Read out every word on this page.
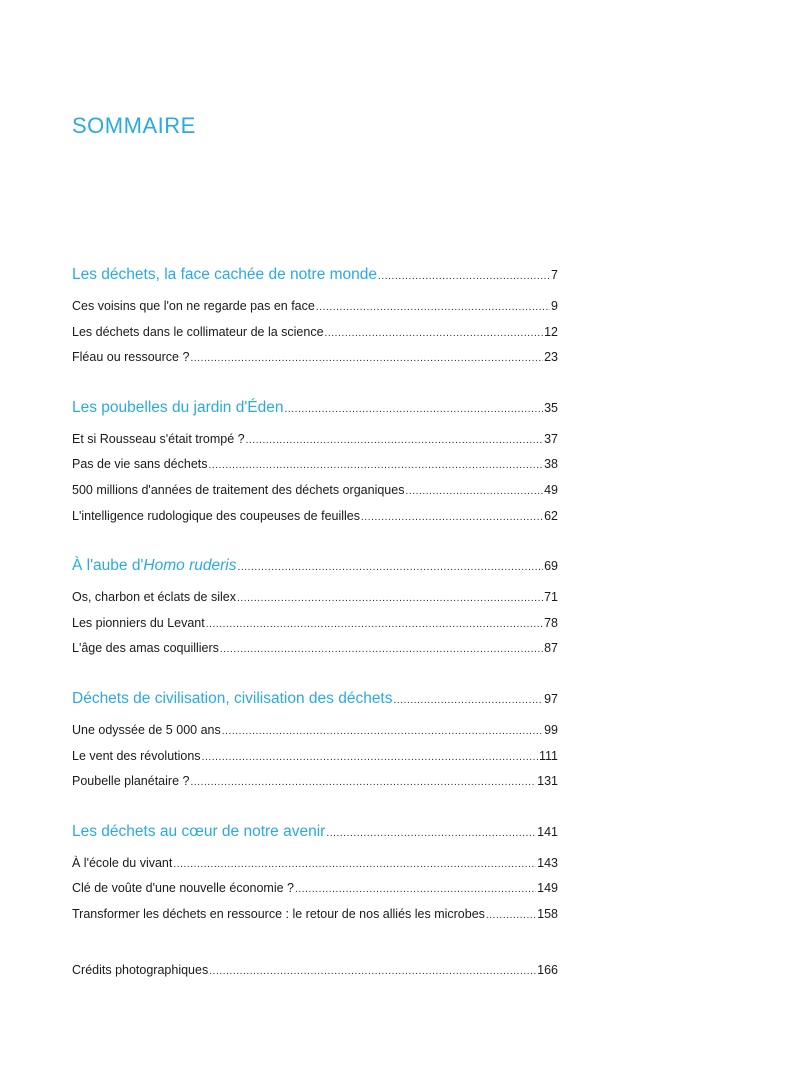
SOMMAIRE
Les déchets, la face cachée de notre monde .....	7
Ces voisins que l'on ne regarde pas en face .....	9
Les déchets dans le collimateur de la science .....	12
Fléau ou ressource ? .....	23
Les poubelles du jardin d'Éden .....	35
Et si Rousseau s'était trompé ? .....	37
Pas de vie sans déchets .....	38
500 millions d'années de traitement des déchets organiques .....	49
L'intelligence rudologique des coupeuses de feuilles .....	62
À l'aube d'Homo ruderis .....	69
Os, charbon et éclats de silex .....	71
Les pionniers du Levant .....	78
L'âge des amas coquilliers .....	87
Déchets de civilisation, civilisation des déchets .....	97
Une odyssée de 5 000 ans .....	99
Le vent des révolutions .....	111
Poubelle planétaire ? .....	131
Les déchets au cœur de notre avenir .....	141
À l'école du vivant .....	143
Clé de voûte d'une nouvelle économie ? .....	149
Transformer les déchets en ressource : le retour de nos alliés les microbes .....	158
Crédits photographiques .....	166
